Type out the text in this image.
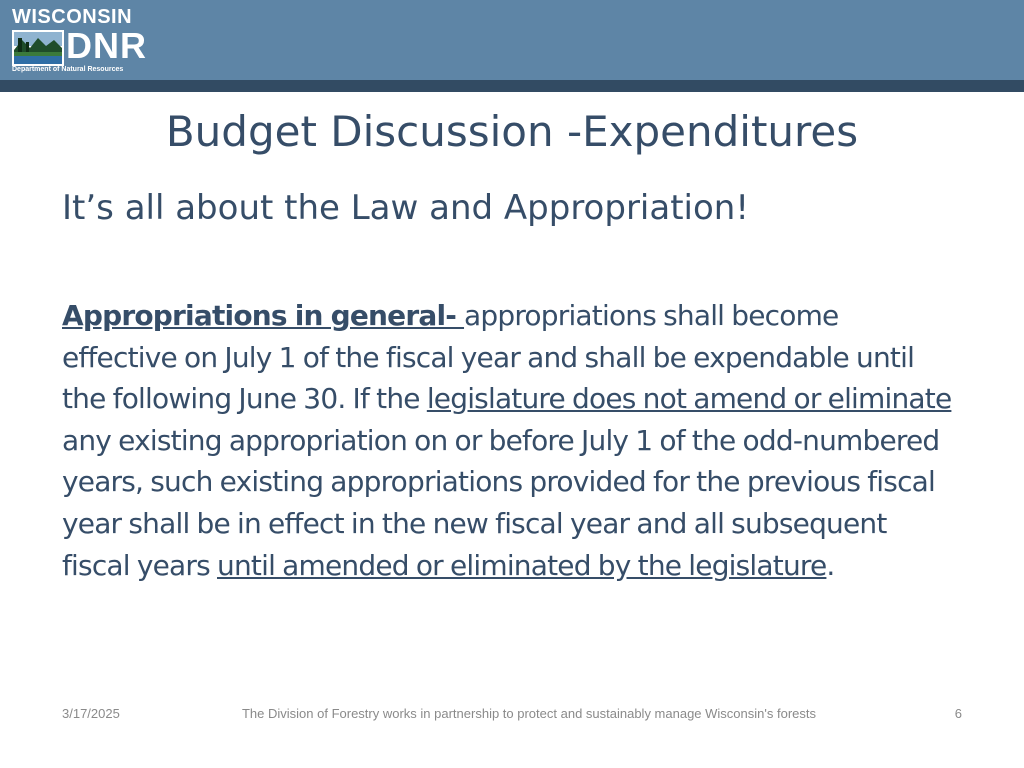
WISCONSIN
DNR
Department of Natural Resources
Budget Discussion -Expenditures
It’s all about the Law and Appropriation!

Appropriations in general- appropriations shall become effective on July 1 of the fiscal year and shall be expendable until the following June 30. If the legislature does not amend or eliminate any existing appropriation on or before July 1 of the odd-numbered years, such existing appropriations provided for the previous fiscal year shall be in effect in the new fiscal year and all subsequent fiscal years until amended or eliminated by the legislature.

3/17/2025	The Division of Forestry works in partnership to protect and sustainably manage Wisconsin's forests	6
